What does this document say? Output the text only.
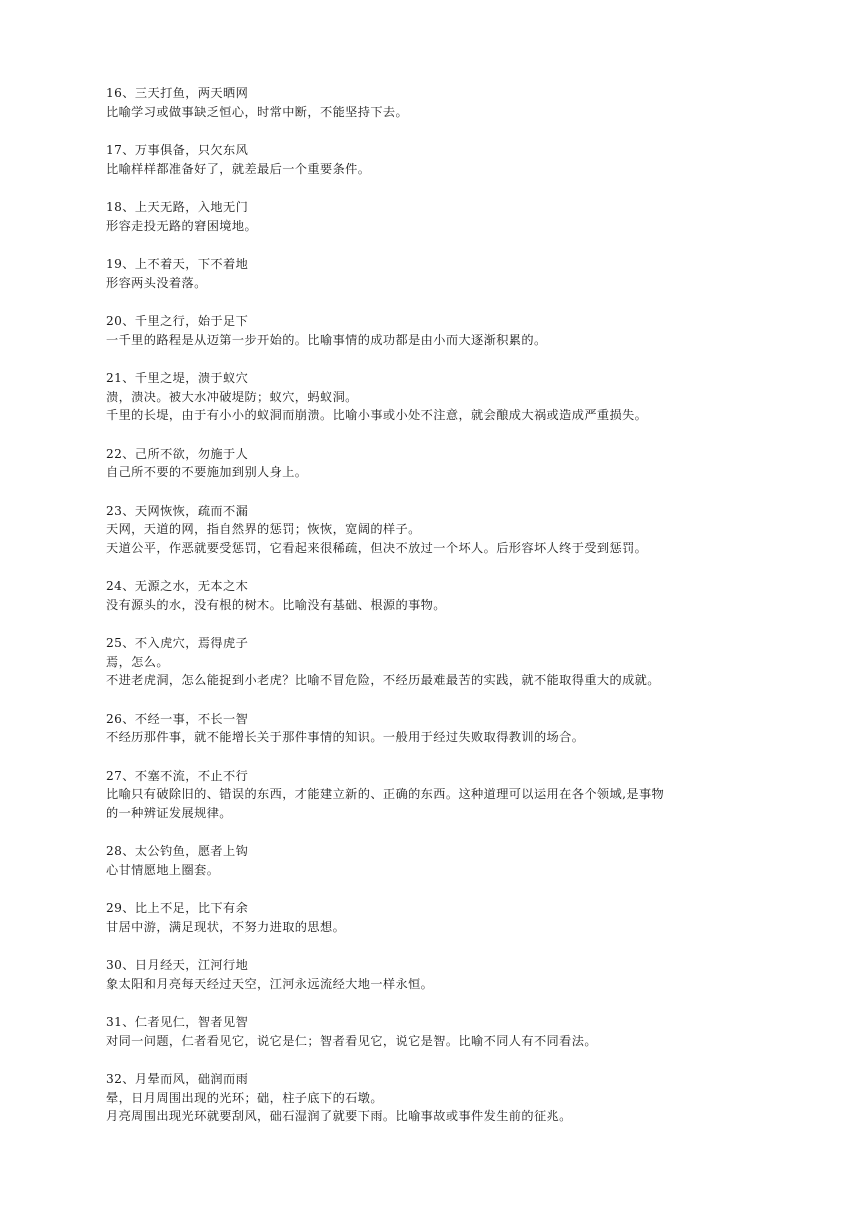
16、三天打鱼，两天晒网
比喻学习或做事缺乏恒心，时常中断，不能坚持下去。
17、万事俱备，只欠东风
比喻样样都准备好了，就差最后一个重要条件。
18、上天无路，入地无门
形容走投无路的窘困境地。
19、上不着天，下不着地
形容两头没着落。
20、千里之行，始于足下
一千里的路程是从迈第一步开始的。比喻事情的成功都是由小而大逐渐积累的。
21、千里之堤，溃于蚁穴
溃，溃决。被大水冲破堤防；蚁穴，蚂蚁洞。
千里的长堤，由于有小小的蚁洞而崩溃。比喻小事或小处不注意，就会酿成大祸或造成严重损失。
22、己所不欲，勿施于人
自己所不要的不要施加到别人身上。
23、天网恢恢，疏而不漏
天网，天道的网，指自然界的惩罚；恢恢，宽阔的样子。
天道公平，作恶就要受惩罚，它看起来很稀疏，但决不放过一个坏人。后形容坏人终于受到惩罚。
24、无源之水，无本之木
没有源头的水，没有根的树木。比喻没有基础、根源的事物。
25、不入虎穴，焉得虎子
焉，怎么。
不进老虎洞，怎么能捉到小老虎？比喻不冒危险，不经历最难最苦的实践，就不能取得重大的成就。
26、不经一事，不长一智
不经历那件事，就不能增长关于那件事情的知识。一般用于经过失败取得教训的场合。
27、不塞不流，不止不行
比喻只有破除旧的、错误的东西，才能建立新的、正确的东西。这种道理可以运用在各个领域,是事物
的一种辨证发展规律。
28、太公钓鱼，愿者上钩
心甘情愿地上圈套。
29、比上不足，比下有余
甘居中游，满足现状，不努力进取的思想。
30、日月经天，江河行地
象太阳和月亮每天经过天空，江河永远流经大地一样永恒。
31、仁者见仁，智者见智
对同一问题，仁者看见它，说它是仁；智者看见它，说它是智。比喻不同人有不同看法。
32、月晕而风，础润而雨
晕，日月周围出现的光环；础，柱子底下的石墩。
月亮周围出现光环就要刮风，础石湿润了就要下雨。比喻事故或事件发生前的征兆。
